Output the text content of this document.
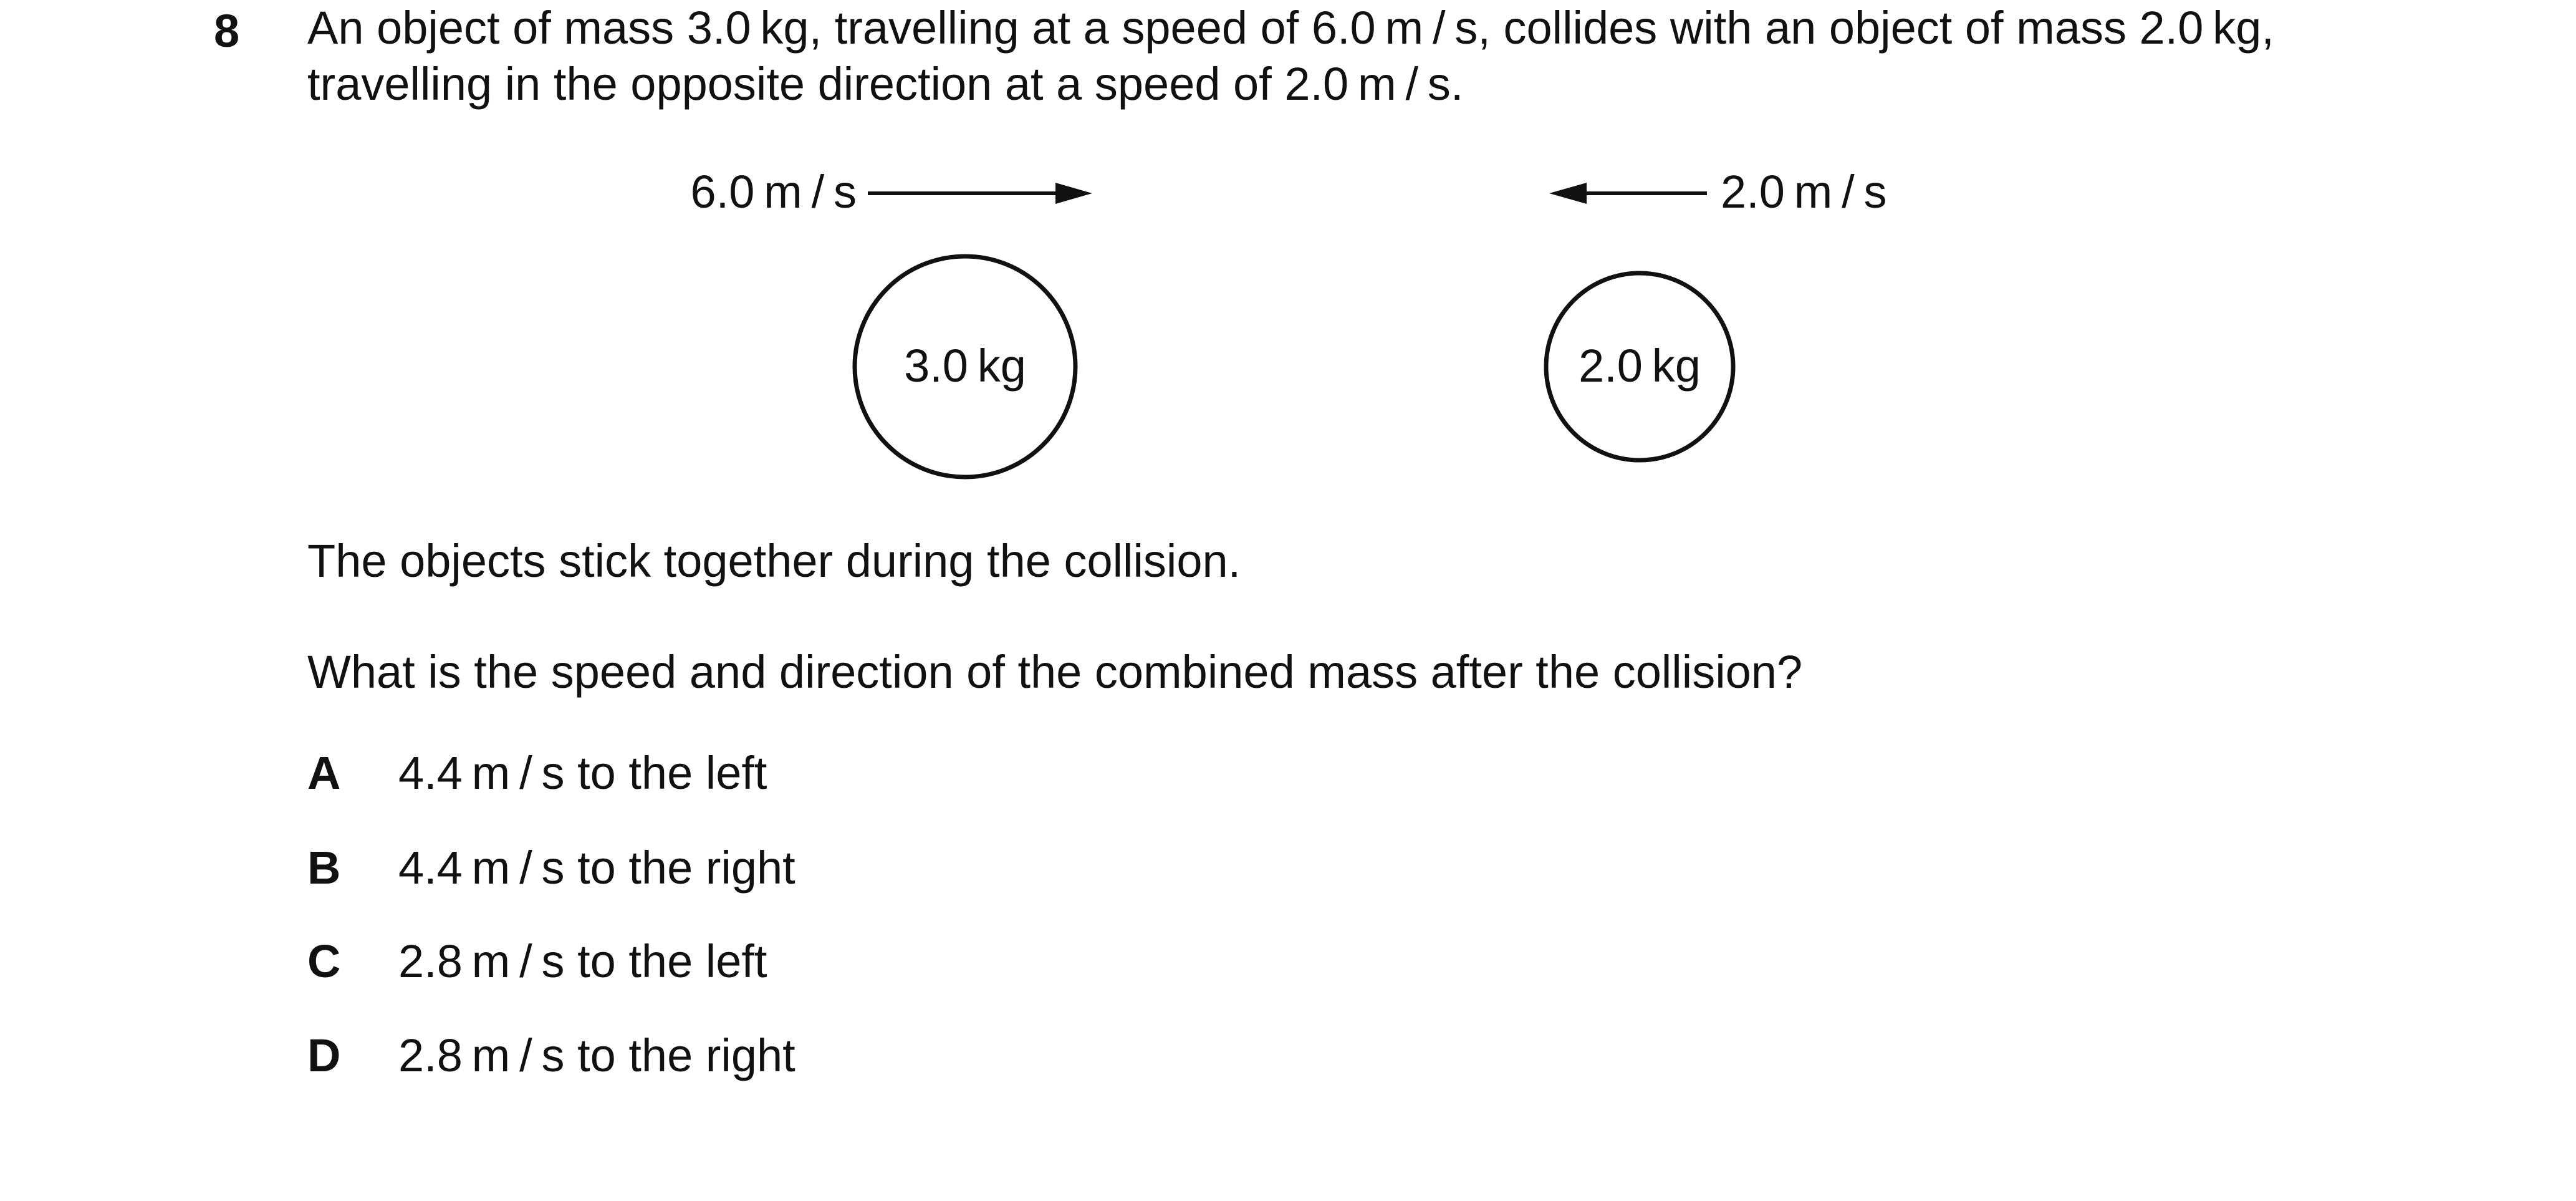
8 An object of mass 3.0 kg, travelling at a speed of 6.0 m / s, collides with an object of mass 2.0 kg,
travelling in the opposite direction at a speed of 2.0 m / s.
6.0 m / s	2.0 m / s
3.0 kg	2.0 kg
The objects stick together during the collision.
What is the speed and direction of the combined mass after the collision?
A 4.4 m / s to the left
B 4.4 m / s to the right
C 2.8 m / s to the left
D 2.8 m / s to the right
